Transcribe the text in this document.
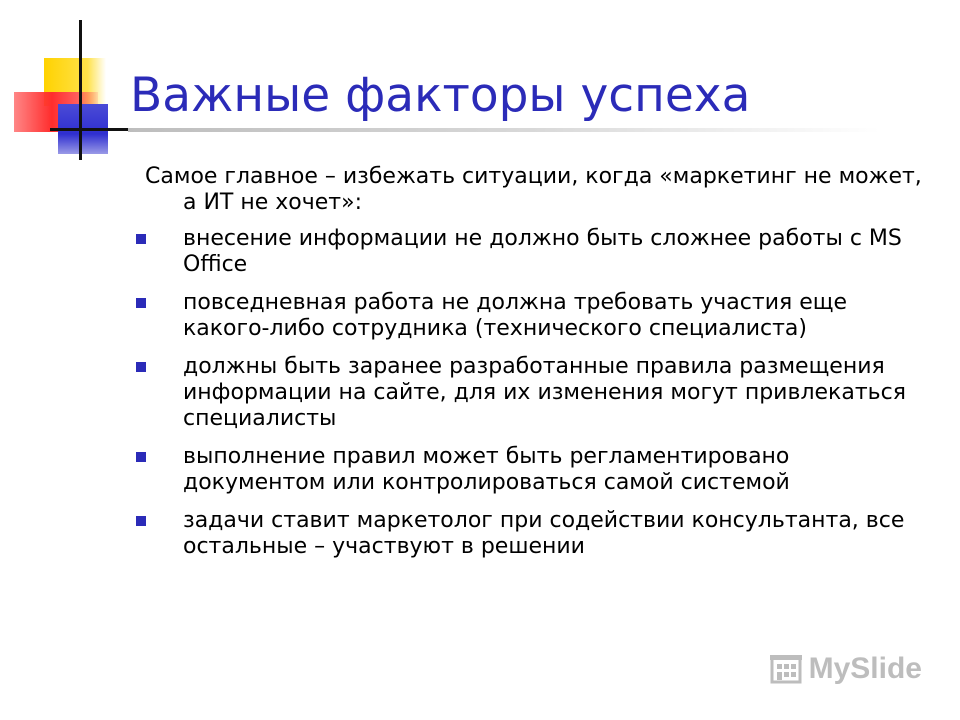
Важные факторы успеха

Самое главное – избежать ситуации, когда «маркетинг не может, а ИТ не хочет»:

внесение информации не должно быть сложнее работы с MS Office
повседневная работа не должна требовать участия еще какого-либо сотрудника (технического специалиста)
должны быть заранее разработанные правила размещения информации на сайте, для их изменения могут привлекаться специалисты
выполнение правил может быть регламентировано документом или контролироваться самой системой
задачи ставит маркетолог при содействии консультанта, все остальные – участвуют в решении
MySlide
